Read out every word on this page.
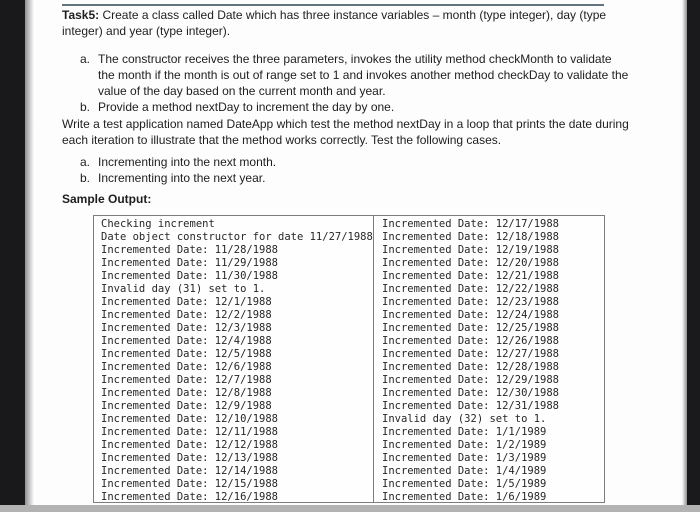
Task5: Create a class called Date which has three instance variables – month (type integer), day (type integer) and year (type integer).
a. The constructor receives the three parameters, invokes the utility method checkMonth to validate the month if the month is out of range set to 1 and invokes another method checkDay to validate the value of the day based on the current month and year.
b. Provide a method nextDay to increment the day by one.
Write a test application named DateApp which test the method nextDay in a loop that prints the date during each iteration to illustrate that the method works correctly. Test the following cases.
a. Incrementing into the next month.
b. Incrementing into the next year.
Sample Output:
Checking increment
Date object constructor for date 11/27/1988
Incremented Date: 11/28/1988
Incremented Date: 11/29/1988
Incremented Date: 11/30/1988
Invalid day (31) set to 1.
Incremented Date: 12/1/1988
Incremented Date: 12/2/1988
Incremented Date: 12/3/1988
Incremented Date: 12/4/1988
Incremented Date: 12/5/1988
Incremented Date: 12/6/1988
Incremented Date: 12/7/1988
Incremented Date: 12/8/1988
Incremented Date: 12/9/1988
Incremented Date: 12/10/1988
Incremented Date: 12/11/1988
Incremented Date: 12/12/1988
Incremented Date: 12/13/1988
Incremented Date: 12/14/1988
Incremented Date: 12/15/1988
Incremented Date: 12/16/1988
Incremented Date: 12/17/1988
Incremented Date: 12/18/1988
Incremented Date: 12/19/1988
Incremented Date: 12/20/1988
Incremented Date: 12/21/1988
Incremented Date: 12/22/1988
Incremented Date: 12/23/1988
Incremented Date: 12/24/1988
Incremented Date: 12/25/1988
Incremented Date: 12/26/1988
Incremented Date: 12/27/1988
Incremented Date: 12/28/1988
Incremented Date: 12/29/1988
Incremented Date: 12/30/1988
Incremented Date: 12/31/1988
Invalid day (32) set to 1.
Incremented Date: 1/1/1989
Incremented Date: 1/2/1989
Incremented Date: 1/3/1989
Incremented Date: 1/4/1989
Incremented Date: 1/5/1989
Incremented Date: 1/6/1989
